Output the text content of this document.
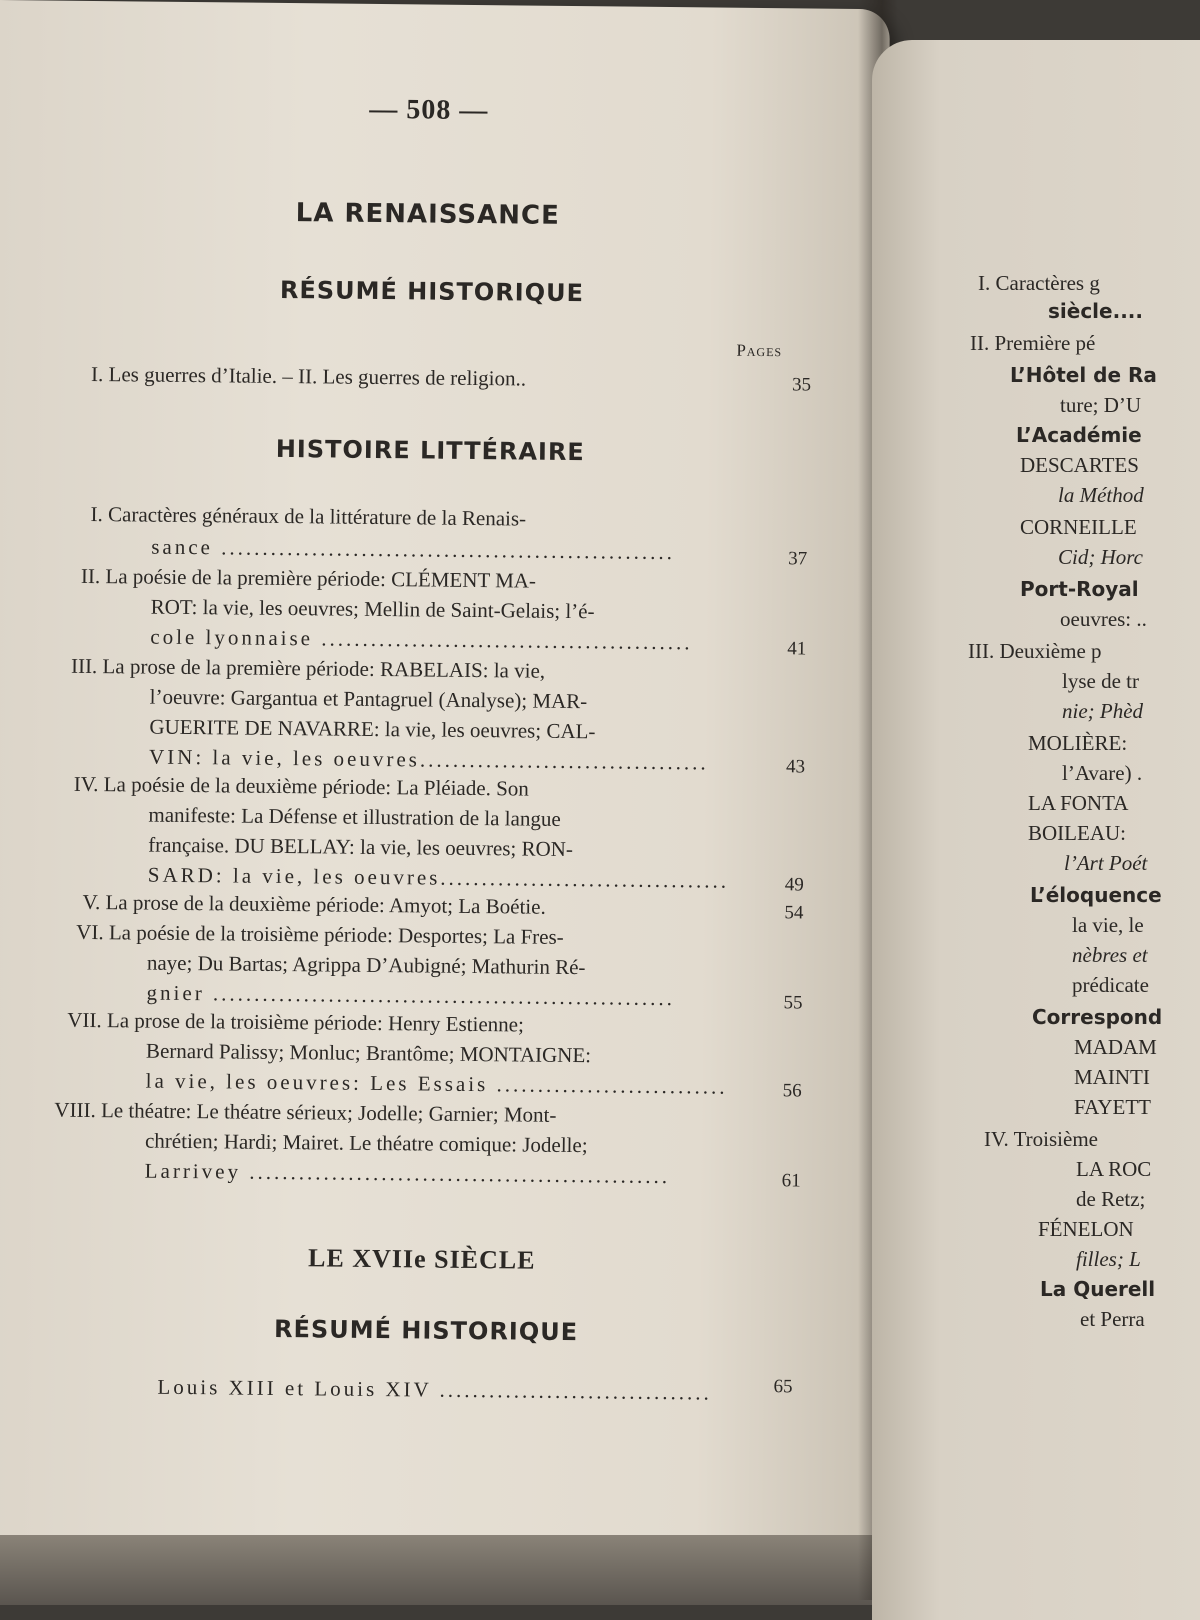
— 508 —
LA RENAISSANCE
RÉSUMÉ HISTORIQUE
Pages
I. Les guerres d’Italie. – II. Les guerres de religion..	35
HISTOIRE LITTÉRAIRE
I. Caractères généraux de la littérature de la Renais-
sance .......................................................	37
II. La poésie de la première période: CLÉMENT MA-
ROT: la vie, les oeuvres; Mellin de Saint-Gelais; l’é-
cole lyonnaise .............................................	41
III. La prose de la première période: RABELAIS: la vie,
l’oeuvre: Gargantua et Pantagruel (Analyse); MAR-
GUERITE DE NAVARRE: la vie, les oeuvres; CAL-
VIN: la vie, les oeuvres...................................	43
IV. La poésie de la deuxième période: La Pléiade. Son
manifeste: La Défense et illustration de la langue
française. DU BELLAY: la vie, les oeuvres; RON-
SARD: la vie, les oeuvres...................................	49
V. La prose de la deuxième période: Amyot; La Boétie.	54
VI. La poésie de la troisième période: Desportes; La Fres-
naye; Du Bartas; Agrippa D’Aubigné; Mathurin Ré-
gnier ........................................................	55
VII. La prose de la troisième période: Henry Estienne;
Bernard Palissy; Monluc; Brantôme; MONTAIGNE:
la vie, les oeuvres: Les Essais ............................	56
VIII. Le théatre: Le théatre sérieux; Jodelle; Garnier; Mont-
chrétien; Hardi; Mairet. Le théatre comique: Jodelle;
Larrivey ...................................................	61
LE XVIIe SIÈCLE
RÉSUMÉ HISTORIQUE
Louis XIII et Louis XIV .................................	65
I. Caractères g
siècle....
II. Première pé
L’Hôtel de Ra
ture; D’U
L’Académie
DESCARTES
la Méthod
CORNEILLE
Cid; Horc
Port-Royal
oeuvres: ..
III. Deuxième p
lyse de tr
nie; Phèd
MOLIÈRE:
l’Avare) .
LA FONTA
BOILEAU:
l’Art Poét
L’éloquence
la vie, le
nèbres et
prédicate
Correspond
MADAM
MAINTI
FAYETT
IV. Troisième
LA ROC
de Retz;
FÉNELON
filles; L
La Querell
et Perra
